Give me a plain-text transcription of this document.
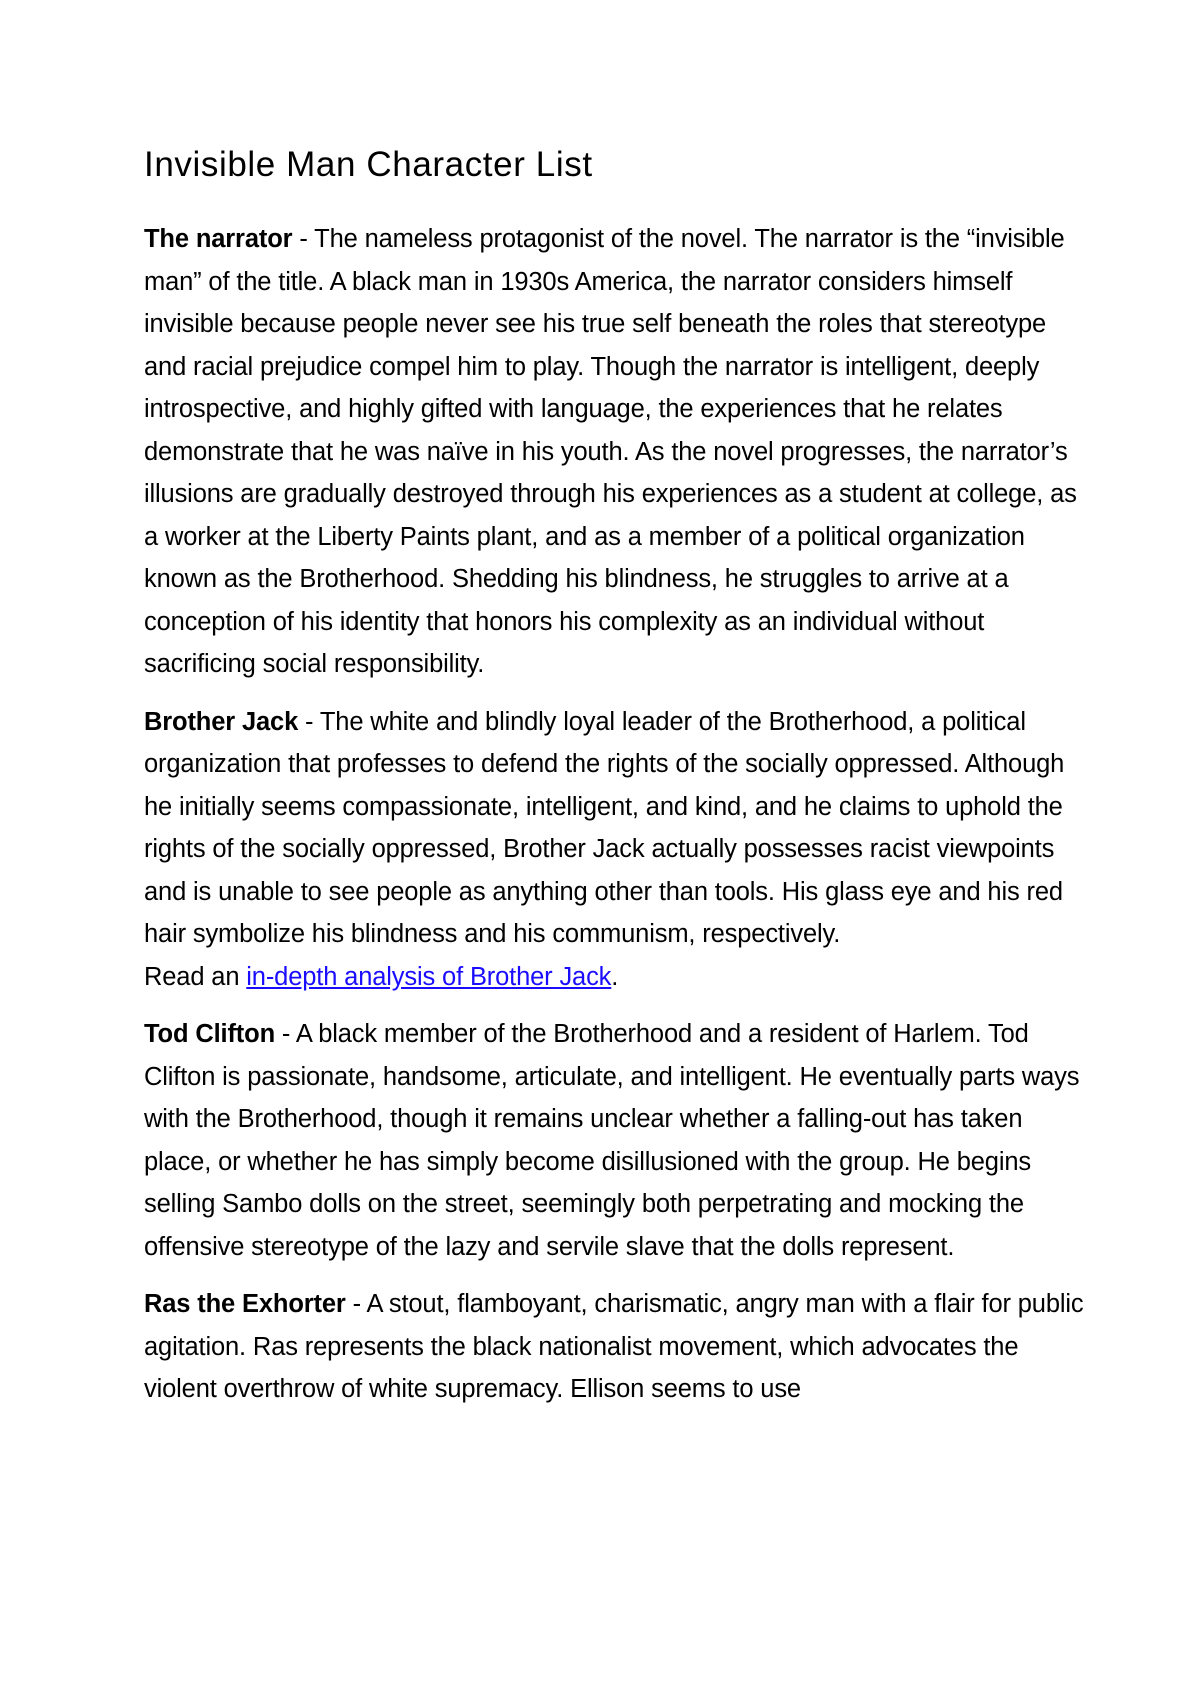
Invisible Man Character List

The narrator - The nameless protagonist of the novel. The narrator is the “invisible man” of the title. A black man in 1930s America, the narrator considers himself invisible because people never see his true self beneath the roles that stereotype and racial prejudice compel him to play. Though the narrator is intelligent, deeply introspective, and highly gifted with language, the experiences that he relates demonstrate that he was naïve in his youth. As the novel progresses, the narrator’s illusions are gradually destroyed through his experiences as a student at college, as a worker at the Liberty Paints plant, and as a member of a political organization known as the Brotherhood. Shedding his blindness, he struggles to arrive at a conception of his identity that honors his complexity as an individual without sacrificing social responsibility.

Brother Jack - The white and blindly loyal leader of the Brotherhood, a political organization that professes to defend the rights of the socially oppressed. Although he initially seems compassionate, intelligent, and kind, and he claims to uphold the rights of the socially oppressed, Brother Jack actually possesses racist viewpoints and is unable to see people as anything other than tools. His glass eye and his red hair symbolize his blindness and his communism, respectively.
Read an in-depth analysis of Brother Jack.

Tod Clifton - A black member of the Brotherhood and a resident of Harlem. Tod Clifton is passionate, handsome, articulate, and intelligent. He eventually parts ways with the Brotherhood, though it remains unclear whether a falling-out has taken place, or whether he has simply become disillusioned with the group. He begins selling Sambo dolls on the street, seemingly both perpetrating and mocking the offensive stereotype of the lazy and servile slave that the dolls represent.

Ras the Exhorter - A stout, flamboyant, charismatic, angry man with a flair for public agitation. Ras represents the black nationalist movement, which advocates the violent overthrow of white supremacy. Ellison seems to use
